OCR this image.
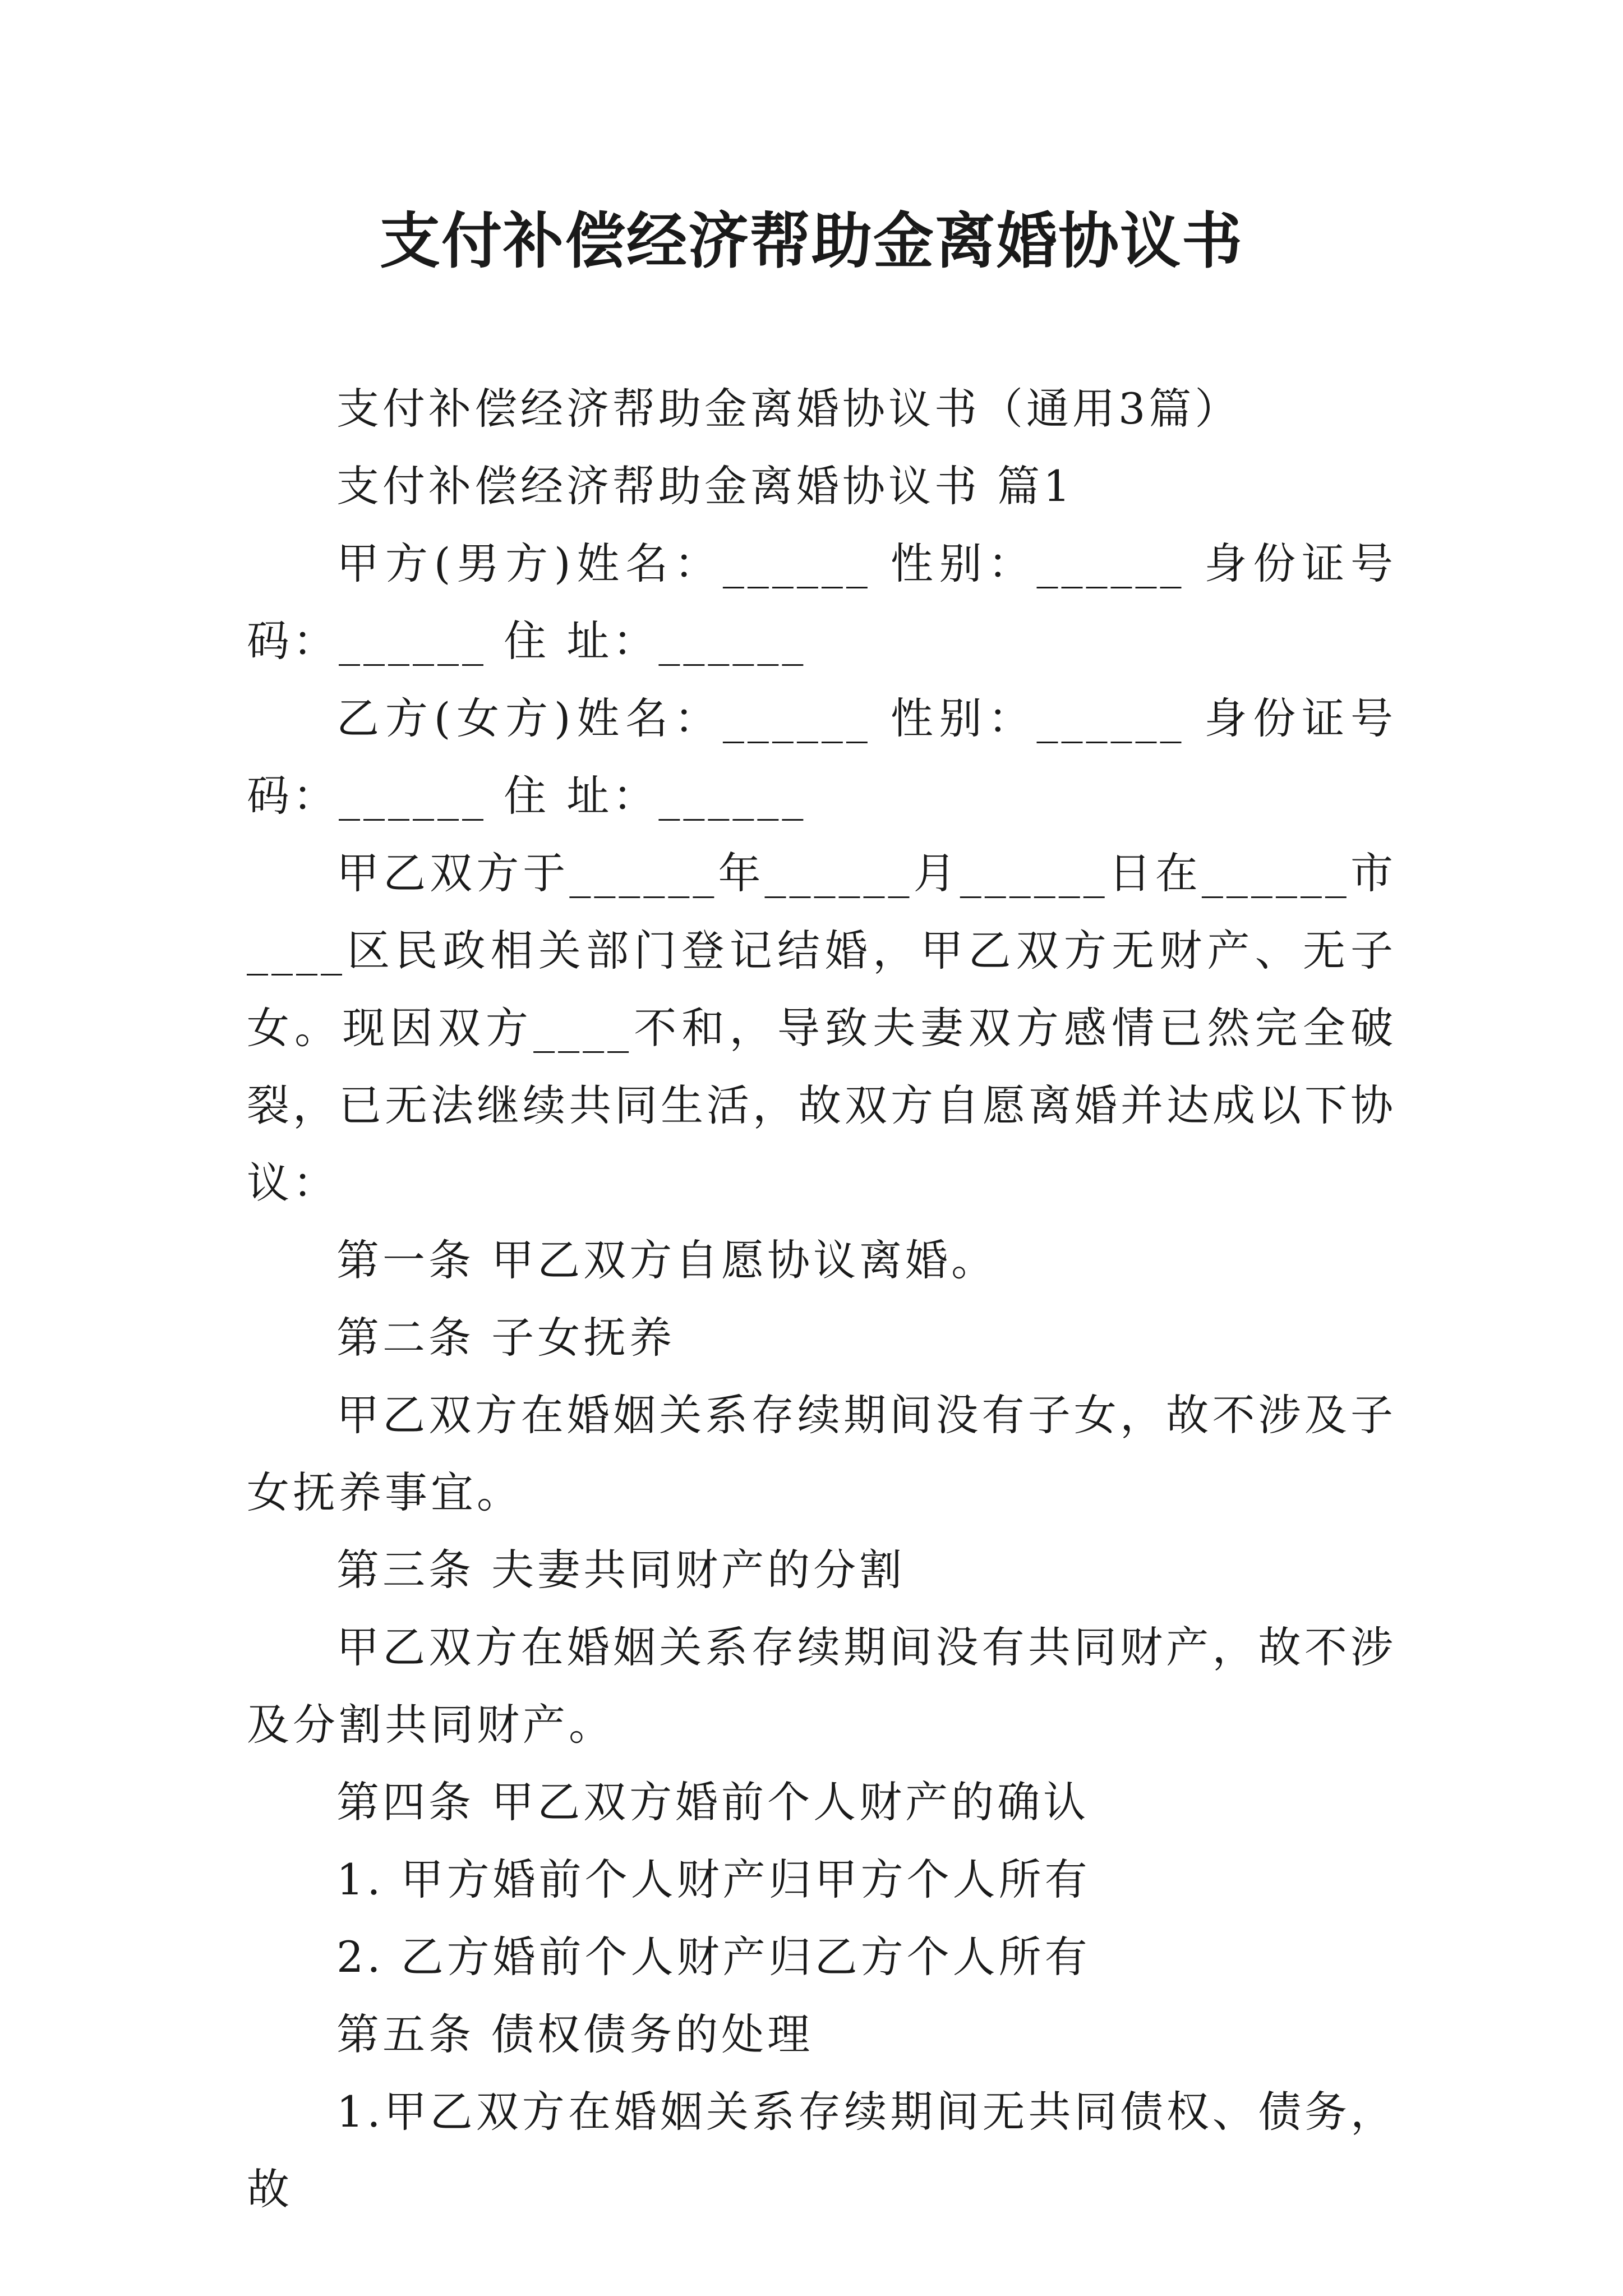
支付补偿经济帮助金离婚协议书

支付补偿经济帮助金离婚协议书（通用3篇）

支付补偿经济帮助金离婚协议书 篇1

甲方(男方)姓名：______ 性别：______ 身份证号码：______ 住 址：______

乙方(女方)姓名：______ 性别：______ 身份证号码：______ 住 址：______

甲乙双方于______年______月______日在______市____区民政相关部门登记结婚，甲乙双方无财产、无子女。现因双方____不和，导致夫妻双方感情已然完全破裂，已无法继续共同生活，故双方自愿离婚并达成以下协议：

第一条 甲乙双方自愿协议离婚。

第二条 子女抚养

甲乙双方在婚姻关系存续期间没有子女，故不涉及子女抚养事宜。

第三条 夫妻共同财产的分割

甲乙双方在婚姻关系存续期间没有共同财产，故不涉及分割共同财产。

第四条 甲乙双方婚前个人财产的确认

1. 甲方婚前个人财产归甲方个人所有

2. 乙方婚前个人财产归乙方个人所有

第五条 债权债务的处理

1.甲乙双方在婚姻关系存续期间无共同债权、债务，故
